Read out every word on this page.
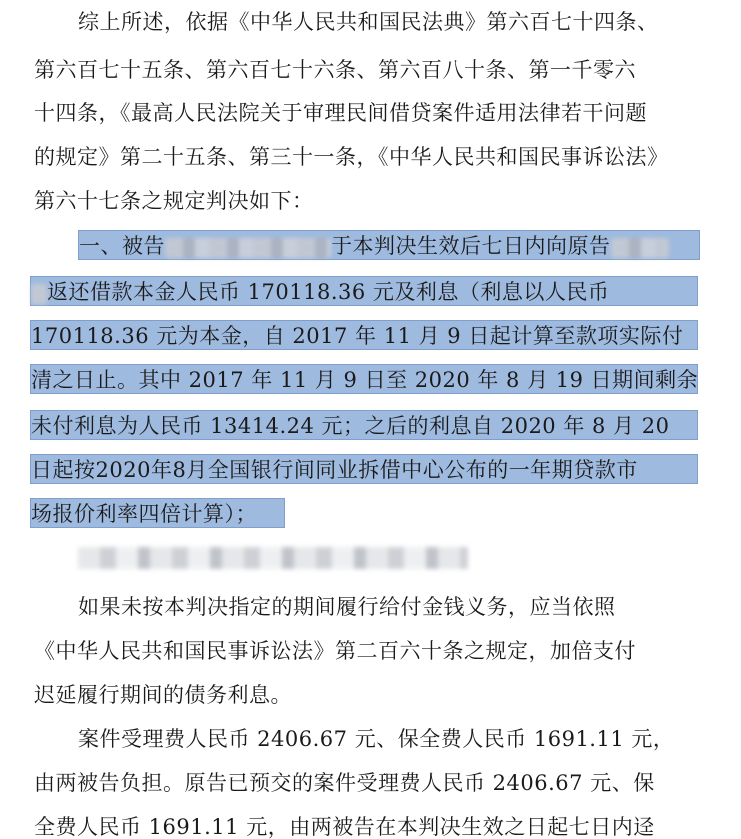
综上所述，依据《中华人民共和国民法典》第六百七十四条、
第六百七十五条、第六百七十六条、第六百八十条、第一千零六
十四条，《最高人民法院关于审理民间借贷案件适用法律若干问题
的规定》第二十五条、第三十一条，《中华人民共和国民事诉讼法》
第六十七条之规定判决如下：
一、被告	于本判决生效后七日内向原告
返还借款本金人民币 170118.36 元及利息（利息以人民币
170118.36 元为本金，自 2017 年 11 月 9 日起计算至款项实际付
清之日止。其中 2017 年 11 月 9 日至 2020 年 8 月 19 日期间剩余
未付利息为人民币 13414.24 元；之后的利息自 2020 年 8 月 20
日起按2020年8月全国银行间同业拆借中心公布的一年期贷款市
场报价利率四倍计算）；
如果未按本判决指定的期间履行给付金钱义务，应当依照
《中华人民共和国民事诉讼法》第二百六十条之规定，加倍支付
迟延履行期间的债务利息。
案件受理费人民币 2406.67 元、保全费人民币 1691.11 元，
由两被告负担。原告已预交的案件受理费人民币 2406.67 元、保
全费人民币 1691.11 元，由两被告在本判决生效之日起七日内迳
